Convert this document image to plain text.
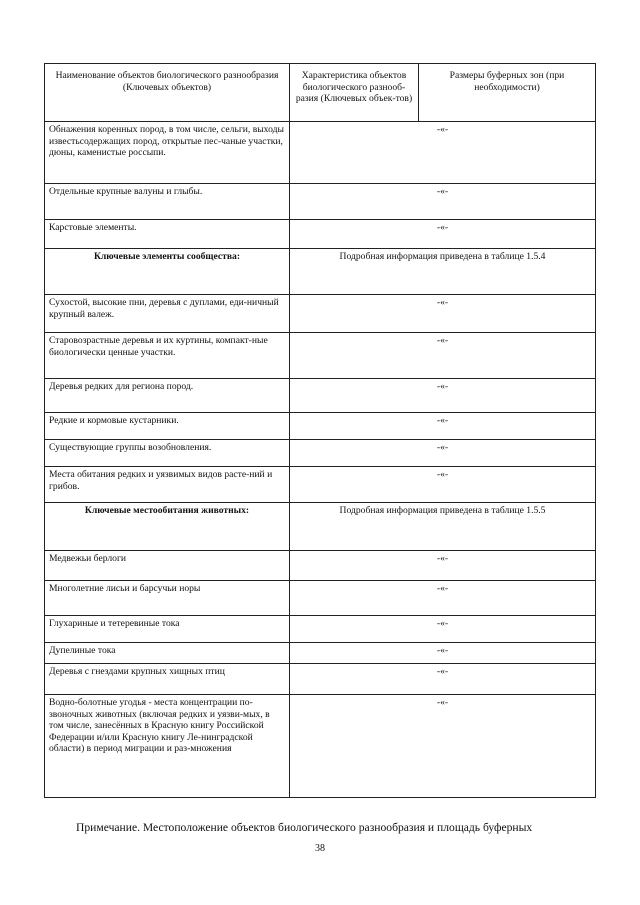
Наименование объектов биологического разнообразия (Ключевых объектов)	Характеристика объектов биологического разнооб-разия (Ключевых объек-тов)	Размеры буферных зон (при необходимости)
Обнажения коренных пород, в том числе, сельги, выходы известьсодержащих пород, открытые пес-чаные участки, дюны, каменистые россыпи.	-«-	
Отдельные крупные валуны и глыбы.	-«-	
Карстовые элементы.	-«-	
Ключевые элементы сообщества:	Подробная информация приведена в таблице 1.5.4	
Сухостой, высокие пни, деревья с дуплами, еди-ничный крупный валеж.	-«-	
Старовозрастные деревья и их куртины, компакт-ные биологически ценные участки.	-«-	
Деревья редких для региона пород.	-«-	
Редкие и кормовые кустарники.	-«-	
Существующие группы возобновления.	-«-	
Места обитания редких и уязвимых видов расте-ний и грибов.	-«-	
Ключевые местообитания животных:	Подробная информация приведена в таблице 1.5.5	
Медвежьи берлоги	-«-	
Многолетние лисьи и барсучьи норы	-«-	
Глухариные и тетеревиные тока	-«-	
Дупелиные тока	-«-	
Деревья с гнездами крупных хищных птиц	-«-	
Водно-болотные угодья - места концентрации по-звоночных животных (включая редких и уязви-мых, в том числе, занесённых в Красную книгу Российской Федерации и/или Красную книгу Ле-нинградской области) в период миграции и раз-множения	-«-	
Примечание. Местоположение объектов биологического разнообразия и площадь буферных
38
